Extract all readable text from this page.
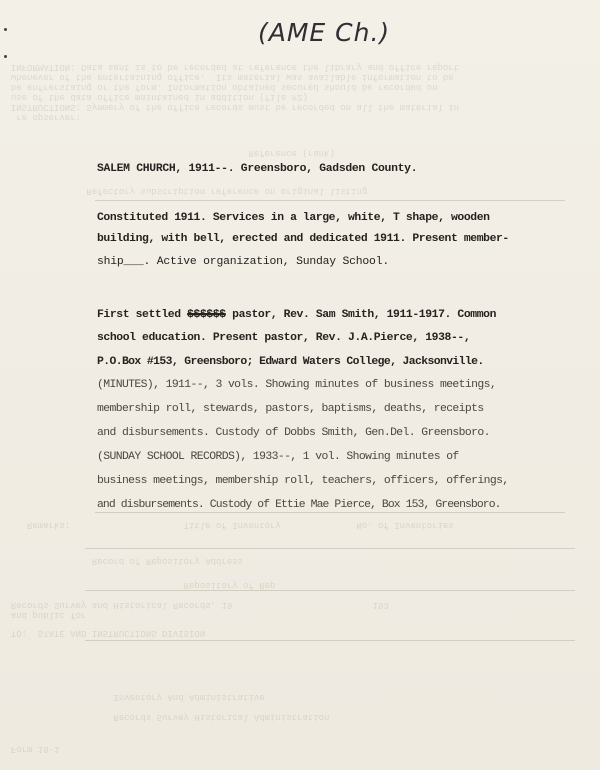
re opserver:
INSTRUCTIONS: Symmery of the office records must be recorded on all the material in
use of the data office maintained in addition (file #2)
be enfrerstaing or the form. Intormation obtained secured should be recorded on
whenever of the entertaining office.  Its material was available information to be
INFORMATION: Data sent is to be recorded at reference the library and office report
Reference (rank)
Refectory subscription reference on original listing
Remarks:                     Title of Inventory              No. of Inventories
Record of Repository Address
Repository of Rep
and public for
Records Survey and Historical Records, 19                          193
TO:  STATE AND INSTRUCTIONS DIVISION
Inventory And Administrative
Records Survey Historical Administration
Form 18-1
(AME Ch.)
SALEM CHURCH, 1911--. Greensboro, Gadsden County.
Constituted 1911. Services in a large, white, T shape, wooden
building, with bell, erected and dedicated 1911. Present member-
ship___. Active organization, Sunday School.
First settled $$$$$$ pastor, Rev. Sam Smith, 1911-1917. Common
school education. Present pastor, Rev. J.A.Pierce, 1938--,
P.O.Box #153, Greensboro; Edward Waters College, Jacksonville.
(MINUTES), 1911--, 3 vols. Showing minutes of business meetings,
membership roll, stewards, pastors, baptisms, deaths, receipts
and disbursements. Custody of Dobbs Smith, Gen.Del. Greensboro.
(SUNDAY SCHOOL RECORDS), 1933--, 1 vol. Showing minutes of
business meetings, membership roll, teachers, officers, offerings,
and disbursements. Custody of Ettie Mae Pierce, Box 153, Greensboro.
